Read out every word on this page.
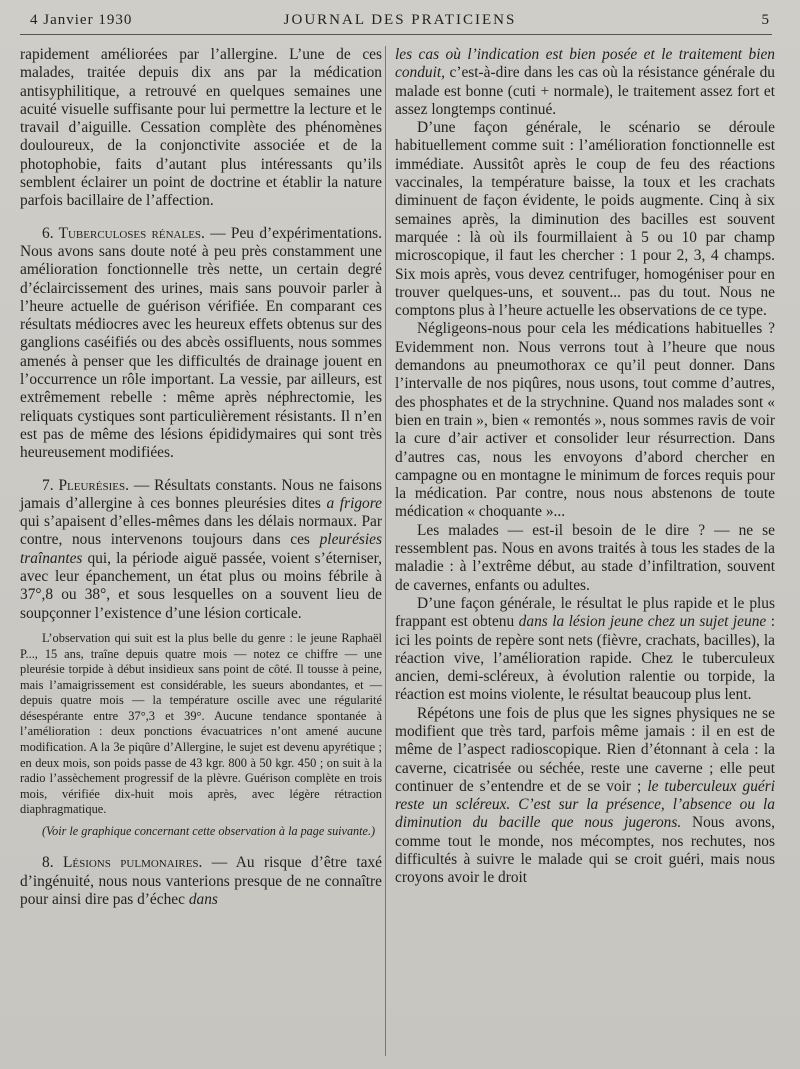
4 Janvier 1930	JOURNAL DES PRATICIENS	5

rapidement améliorées par l’allergine. L’une de ces malades, traitée depuis dix ans par la médication antisyphilitique, a retrouvé en quelques semaines une acuité visuelle suffisante pour lui permettre la lecture et le travail d’aiguille. Cessation complète des phénomènes douloureux, de la conjonctivite associée et de la photophobie, faits d’autant plus intéressants qu’ils semblent éclairer un point de doctrine et établir la nature parfois bacillaire de l’affection.

6. Tuberculoses rénales. — Peu d’expérimentations. Nous avons sans doute noté à peu près constamment une amélioration fonctionnelle très nette, un certain degré d’éclaircissement des urines, mais sans pouvoir parler à l’heure actuelle de guérison vérifiée. En comparant ces résultats médiocres avec les heureux effets obtenus sur des ganglions caséifiés ou des abcès ossifluents, nous sommes amenés à penser que les difficultés de drainage jouent en l’occurrence un rôle important. La vessie, par ailleurs, est extrêmement rebelle : même après néphrectomie, les reliquats cystiques sont particulièrement résistants. Il n’en est pas de même des lésions épididymaires qui sont très heureusement modifiées.

7. Pleurésies. — Résultats constants. Nous ne faisons jamais d’allergine à ces bonnes pleurésies dites a frigore qui s’apaisent d’elles-mêmes dans les délais normaux. Par contre, nous intervenons toujours dans ces pleurésies traînantes qui, la période aiguë passée, voient s’éterniser, avec leur épanchement, un état plus ou moins fébrile à 37°,8 ou 38°, et sous lesquelles on a souvent lieu de soupçonner l’existence d’une lésion corticale.

L’observation qui suit est la plus belle du genre : le jeune Raphaël P..., 15 ans, traîne depuis quatre mois — notez ce chiffre — une pleurésie torpide à début insidieux sans point de côté. Il tousse à peine, mais l’amaigrissement est considérable, les sueurs abondantes, et — depuis quatre mois — la température oscille avec une régularité désespérante entre 37°,3 et 39°. Aucune tendance spontanée à l’amélioration : deux ponctions évacuatrices n’ont amené aucune modification. A la 3e piqûre d’Allergine, le sujet est devenu apyrétique ; en deux mois, son poids passe de 43 kgr. 800 à 50 kgr. 450 ; on suit à la radio l’assèchement progressif de la plèvre. Guérison complète en trois mois, vérifiée dix-huit mois après, avec légère rétraction diaphragmatique.

(Voir le graphique concernant cette observation à la page suivante.)

8. Lésions pulmonaires. — Au risque d’être taxé d’ingénuité, nous nous vanterions presque de ne connaître pour ainsi dire pas d’échec dans

les cas où l’indication est bien posée et le traitement bien conduit, c’est-à-dire dans les cas où la résistance générale du malade est bonne (cuti + normale), le traitement assez fort et assez longtemps continué.

D’une façon générale, le scénario se déroule habituellement comme suit : l’amélioration fonctionnelle est immédiate. Aussitôt après le coup de feu des réactions vaccinales, la température baisse, la toux et les crachats diminuent de façon évidente, le poids augmente. Cinq à six semaines après, la diminution des bacilles est souvent marquée : là où ils fourmillaient à 5 ou 10 par champ microscopique, il faut les chercher : 1 pour 2, 3, 4 champs. Six mois après, vous devez centrifuger, homogéniser pour en trouver quelques-uns, et souvent... pas du tout. Nous ne comptons plus à l’heure actuelle les observations de ce type.

Négligeons-nous pour cela les médications habituelles ? Evidemment non. Nous verrons tout à l’heure que nous demandons au pneumothorax ce qu’il peut donner. Dans l’intervalle de nos piqûres, nous usons, tout comme d’autres, des phosphates et de la strychnine. Quand nos malades sont « bien en train », bien « remontés », nous sommes ravis de voir la cure d’air activer et consolider leur résurrection. Dans d’autres cas, nous les envoyons d’abord chercher en campagne ou en montagne le minimum de forces requis pour la médication. Par contre, nous nous abstenons de toute médication « choquante »...

Les malades — est-il besoin de le dire ? — ne se ressemblent pas. Nous en avons traités à tous les stades de la maladie : à l’extrême début, au stade d’infiltration, souvent de cavernes, enfants ou adultes.

D’une façon générale, le résultat le plus rapide et le plus frappant est obtenu dans la lésion jeune chez un sujet jeune : ici les points de repère sont nets (fièvre, crachats, bacilles), la réaction vive, l’amélioration rapide. Chez le tuberculeux ancien, demi-scléreux, à évolution ralentie ou torpide, la réaction est moins violente, le résultat beaucoup plus lent.

Répétons une fois de plus que les signes physiques ne se modifient que très tard, parfois même jamais : il en est de même de l’aspect radioscopique. Rien d’étonnant à cela : la caverne, cicatrisée ou séchée, reste une caverne ; elle peut continuer de s’entendre et de se voir ; le tuberculeux guéri reste un scléreux. C’est sur la présence, l’absence ou la diminution du bacille que nous jugerons. Nous avons, comme tout le monde, nos mécomptes, nos rechutes, nos difficultés à suivre le malade qui se croit guéri, mais nous croyons avoir le droit
